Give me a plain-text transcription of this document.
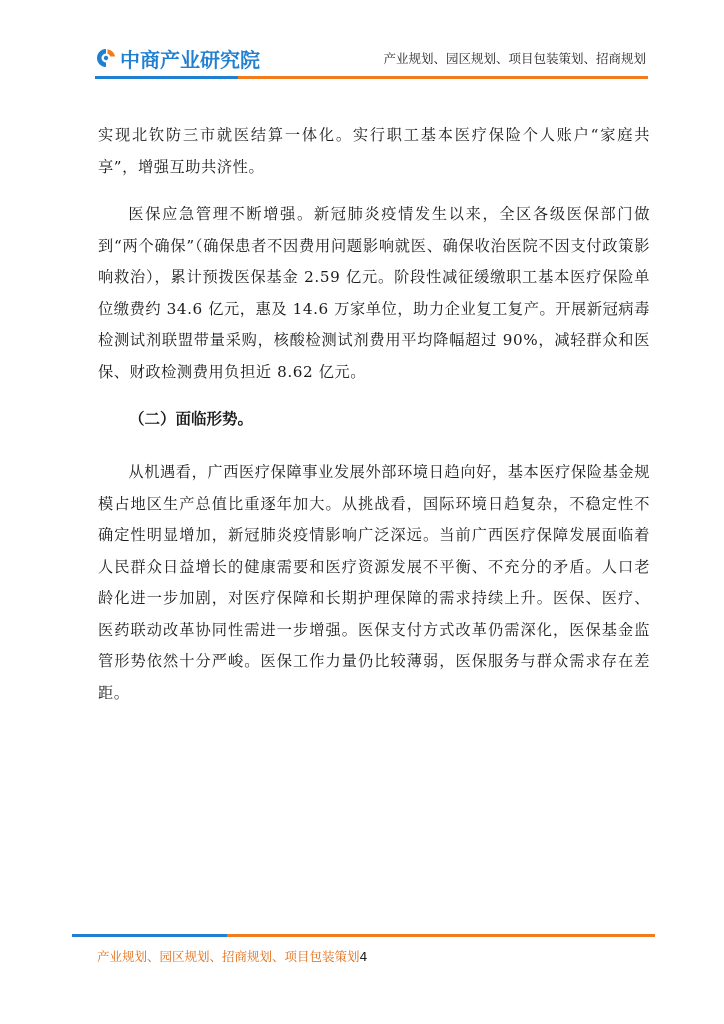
中商产业研究院	产业规划、园区规划、项目包装策划、招商规划

实现北钦防三市就医结算一体化。实行职工基本医疗保险个人账户“家庭共享”，增强互助共济性。

医保应急管理不断增强。新冠肺炎疫情发生以来，全区各级医保部门做到“两个确保”（确保患者不因费用问题影响就医、确保收治医院不因支付政策影响救治），累计预拨医保基金 2.59 亿元。阶段性减征缓缴职工基本医疗保险单位缴费约 34.6 亿元，惠及 14.6 万家单位，助力企业复工复产。开展新冠病毒检测试剂联盟带量采购，核酸检测试剂费用平均降幅超过 90%，减轻群众和医保、财政检测费用负担近 8.62 亿元。

（二）面临形势。

从机遇看，广西医疗保障事业发展外部环境日趋向好，基本医疗保险基金规模占地区生产总值比重逐年加大。从挑战看，国际环境日趋复杂，不稳定性不确定性明显增加，新冠肺炎疫情影响广泛深远。当前广西医疗保障发展面临着人民群众日益增长的健康需要和医疗资源发展不平衡、不充分的矛盾。人口老龄化进一步加剧，对医疗保障和长期护理保障的需求持续上升。医保、医疗、医药联动改革协同性需进一步增强。医保支付方式改革仍需深化，医保基金监管形势依然十分严峻。医保工作力量仍比较薄弱，医保服务与群众需求存在差距。

产业规划、园区规划、招商规划、项目包装策划4
